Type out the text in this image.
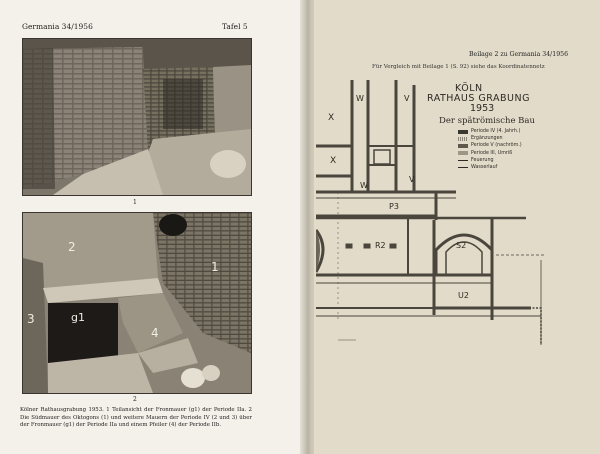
Germania 34/1956	Tafel 5
1
2
1
3	g1
4
2
Kölner Rathausgrabung 1953. 1 Teilansicht der Fronmauer (g1) der Periode IIa. 2 Die Südmauer des Oktogons (1) und weitere Mauern der Periode IV (2 und 3) über der Fronmauer (g1) der Periode IIa und einem Pfeiler (4) der Periode IIb.
Beilage 2 zu Germania 34/1956
Für Vergleich mit Beilage 1 (S. 92) siehe das Koordinatennetz
W	V
X
X
W
V
P3
R2	S2
U2
KÖLN
RATHAUS GRABUNG
1953
Der spätrömische Bau
Periode IV (4. Jahrh.)
Ergänzungen
Periode V (nachröm.)
Periode III, Umriß
Feuerung
Wasserlauf
